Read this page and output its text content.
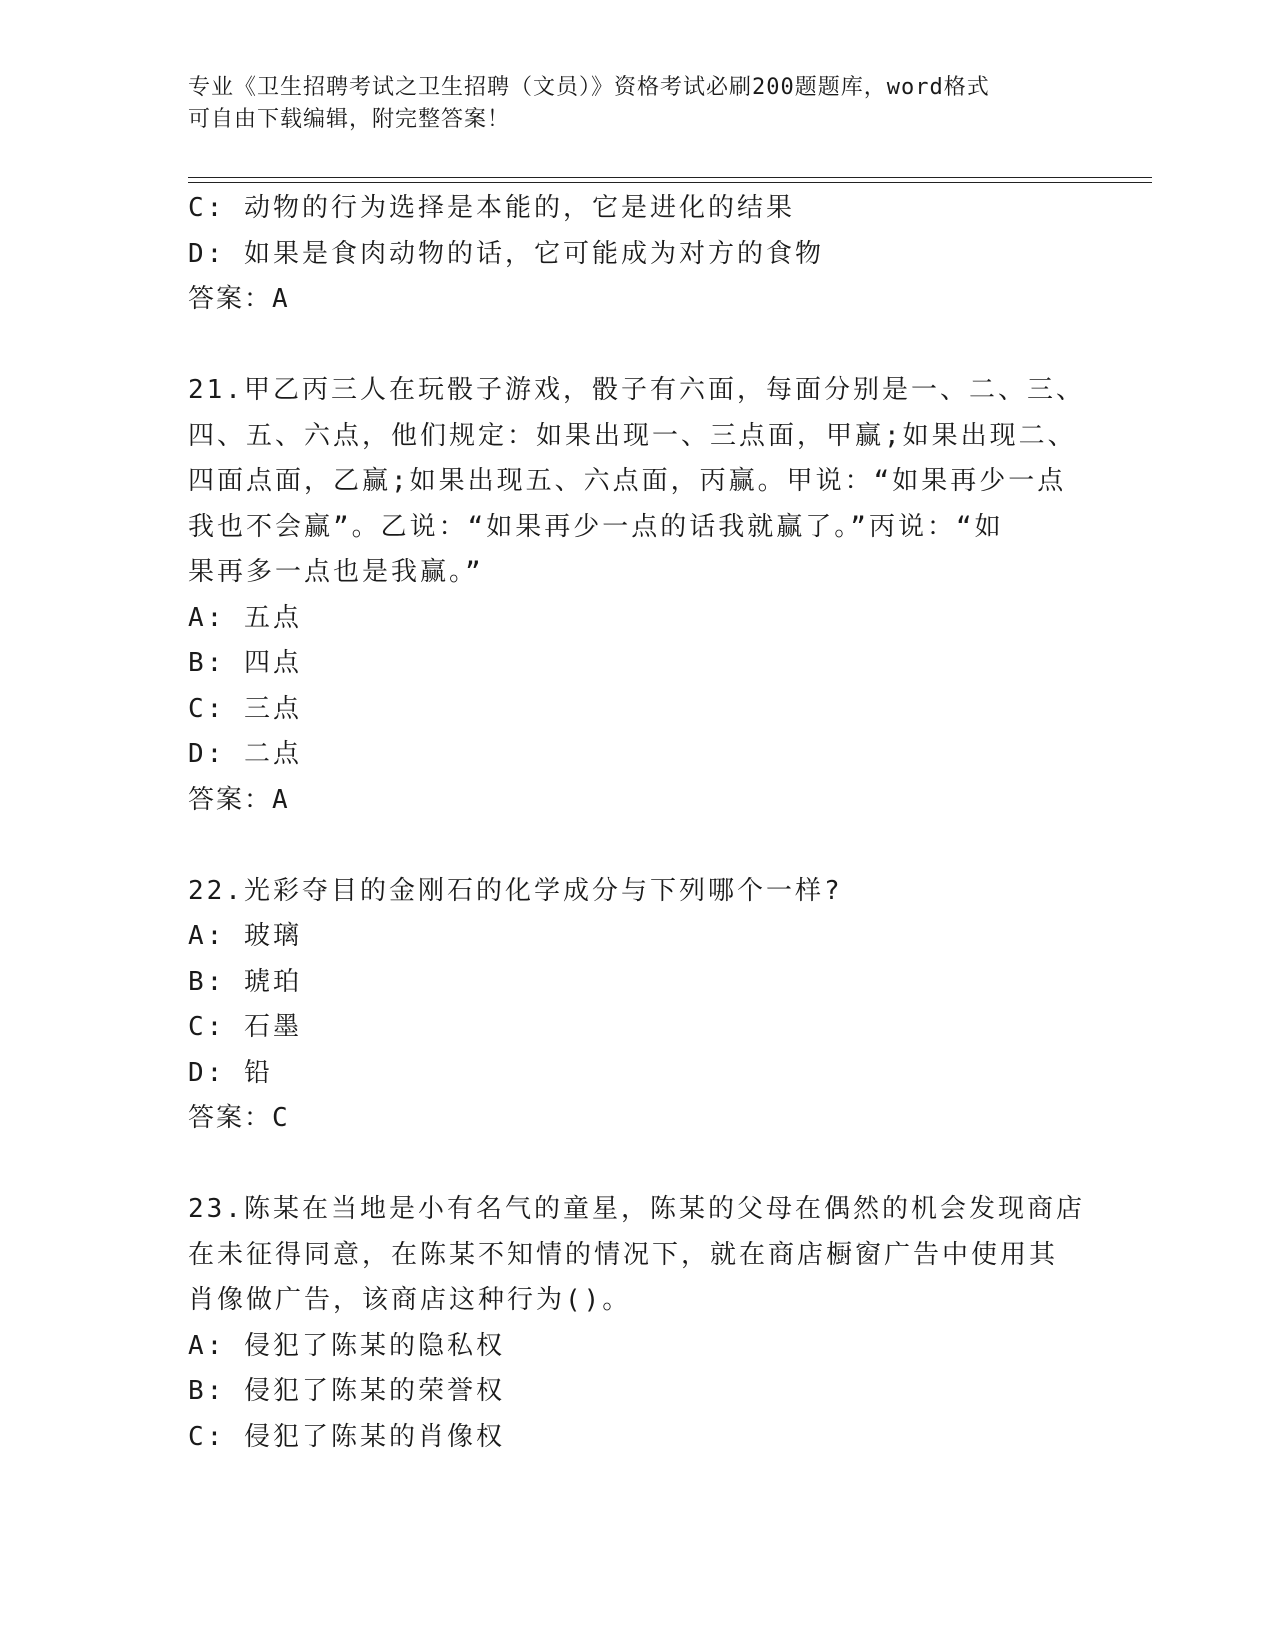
专业《卫生招聘考试之卫生招聘（文员）》资格考试必刷200题题库，word格式
可自由下载编辑，附完整答案！
C: 动物的行为选择是本能的，它是进化的结果
D: 如果是食肉动物的话，它可能成为对方的食物
答案：A
21.甲乙丙三人在玩骰子游戏，骰子有六面，每面分别是一、二、三、
四、五、六点，他们规定：如果出现一、三点面，甲赢;如果出现二、
四面点面，乙赢;如果出现五、六点面，丙赢。甲说：“如果再少一点
我也不会赢”。乙说：“如果再少一点的话我就赢了。”丙说：“如
果再多一点也是我赢。”
A: 五点
B: 四点
C: 三点
D: 二点
答案：A
22.光彩夺目的金刚石的化学成分与下列哪个一样?
A: 玻璃
B: 琥珀
C: 石墨
D: 铅
答案：C
23.陈某在当地是小有名气的童星，陈某的父母在偶然的机会发现商店
在未征得同意，在陈某不知情的情况下，就在商店橱窗广告中使用其
肖像做广告，该商店这种行为()。
A: 侵犯了陈某的隐私权
B: 侵犯了陈某的荣誉权
C: 侵犯了陈某的肖像权
